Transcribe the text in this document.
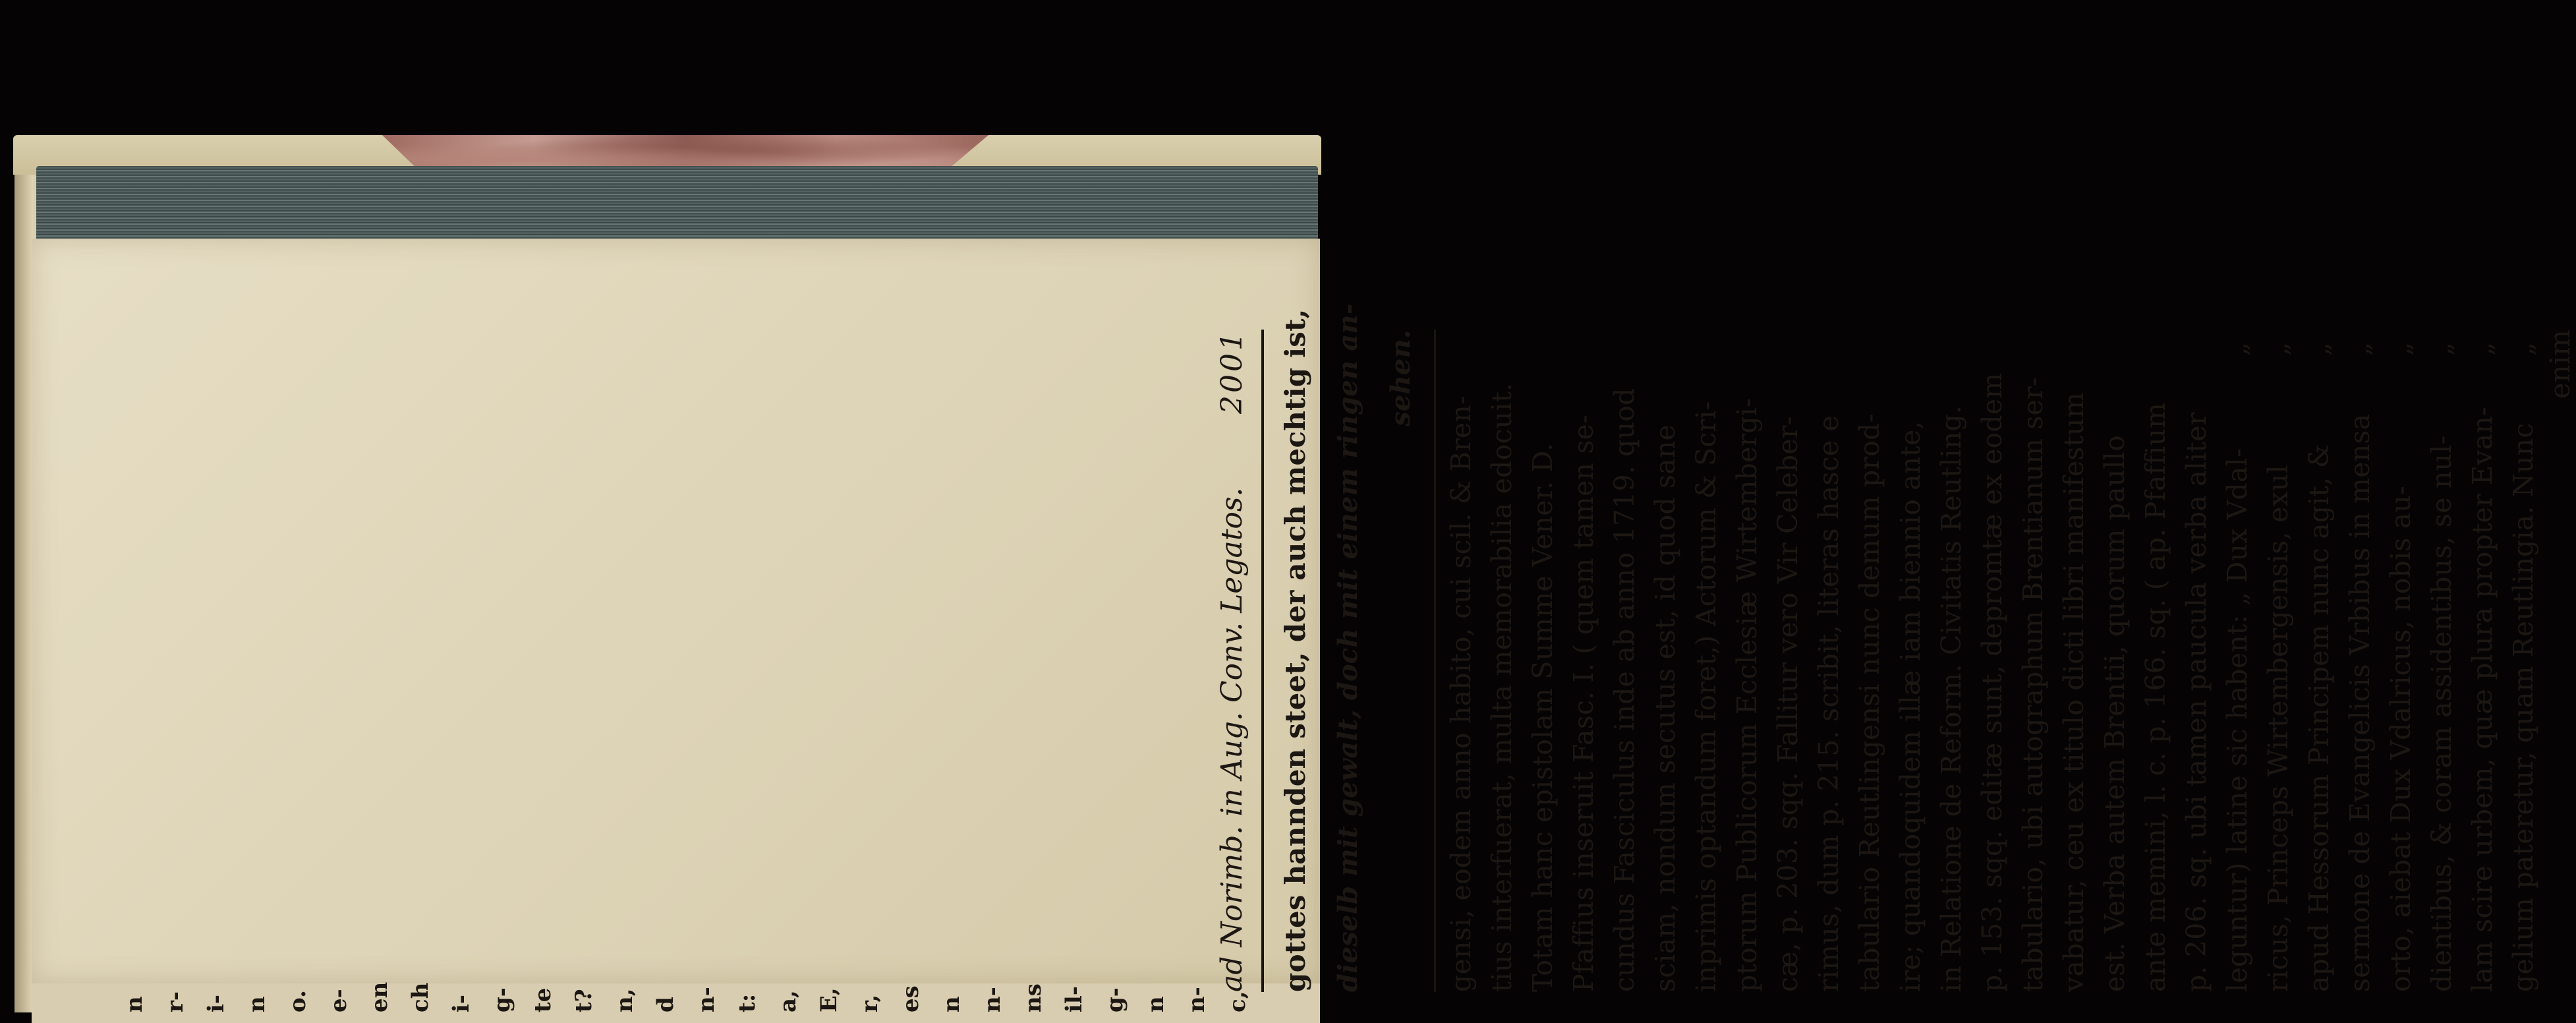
c,
n-
n
g-
il-
ns
n-
n
es
r,
E,
a,
t:
n-
d
n,
t?
te
g-
i-
ch
en
e-
o.
n
i-
r-
n
ad Norimb. in Aug. Conv. Legatos.
2001	gottes hannden steet, der auch mechtig ist, dieselb mit gewalt, doch mit einem ringen an- sehen.
gensi, eodem anno habito, cui scil. & Bren- tius interfuerat, multa memorabilia edocuit. Totam hanc epistolam Summe Vener. D. Pfaffius inseruit Fasc. I. ( quem tamen se- cundus Fasciculus inde ab anno 1719. quod sciam, nondum secutus est, id quod sane inprimis optandum foret,) Actorum & Scri- ptorum Publicorum Ecclesiæ Wirtembergi- cæ, p. 203. sqq. Fallitur vero Vir Celeber- rimus, dum p. 215. scribit, literas hasce e tabulario Reutlingensi nunc demum prod- ire; quandoquidem illæ iam biennio ante, in Relatione de Reform. Civitatis Reutling. p. 153. sqq. editæ sunt, depromtæ ex eodem tabulario, ubi autographum Brentianum ser- vabatur, ceu ex titulo dicti libri manifestum est. Verba autem Brentii, quorum paullo ante memini, l. c. p. 166. sq. ( ap. Pfaffium p. 206. sq. ubi tamen paucula verba aliter leguntur) latine sic habent: „ Dux Vdal-
„
ricus, Princeps Wirtembergensis, exul
„
apud Hessorum Principem nunc agit, &
„
sermone de Evangelicis Vrbibus in mensa
„
orto, aiebat Dux Vdalricus, nobis au-
„
dientibus, & coram assidentibus, se nul-
„
lam scire urbem, quæ plura propter Evan-
„
gelium pateretur, quam Reutlingia. Nunc
„ enim
